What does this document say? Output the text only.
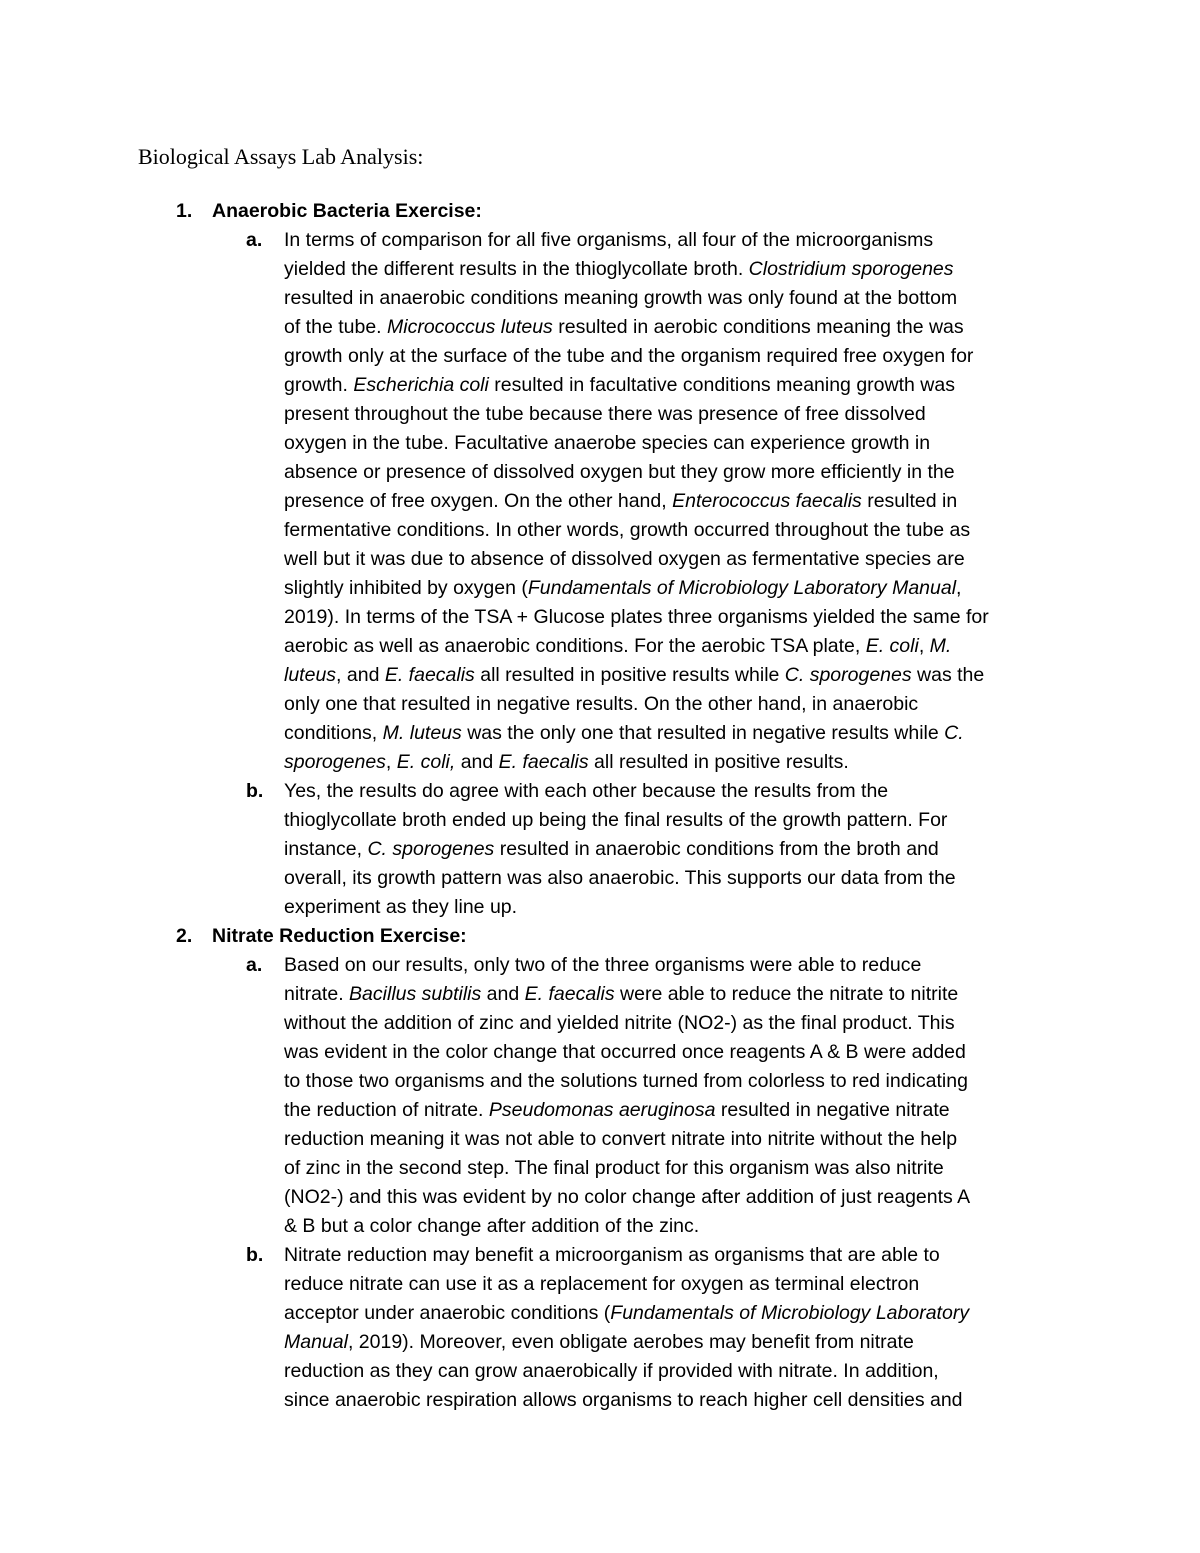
Biological Assays Lab Analysis:
1. Anaerobic Bacteria Exercise:
a. In terms of comparison for all five organisms, all four of the microorganisms
yielded the different results in the thioglycollate broth. Clostridium sporogenes
resulted in anaerobic conditions meaning growth was only found at the bottom
of the tube. Micrococcus luteus resulted in aerobic conditions meaning the was
growth only at the surface of the tube and the organism required free oxygen for
growth. Escherichia coli resulted in facultative conditions meaning growth was
present throughout the tube because there was presence of free dissolved
oxygen in the tube. Facultative anaerobe species can experience growth in
absence or presence of dissolved oxygen but they grow more efficiently in the
presence of free oxygen. On the other hand, Enterococcus faecalis resulted in
fermentative conditions. In other words, growth occurred throughout the tube as
well but it was due to absence of dissolved oxygen as fermentative species are
slightly inhibited by oxygen (Fundamentals of Microbiology Laboratory Manual,
2019). In terms of the TSA + Glucose plates three organisms yielded the same for
aerobic as well as anaerobic conditions. For the aerobic TSA plate, E. coli, M.
luteus, and E. faecalis all resulted in positive results while C. sporogenes was the
only one that resulted in negative results. On the other hand, in anaerobic
conditions, M. luteus was the only one that resulted in negative results while C.
sporogenes, E. coli, and E. faecalis all resulted in positive results.
b. Yes, the results do agree with each other because the results from the
thioglycollate broth ended up being the final results of the growth pattern. For
instance, C. sporogenes resulted in anaerobic conditions from the broth and
overall, its growth pattern was also anaerobic. This supports our data from the
experiment as they line up.
2. Nitrate Reduction Exercise:
a. Based on our results, only two of the three organisms were able to reduce
nitrate. Bacillus subtilis and E. faecalis were able to reduce the nitrate to nitrite
without the addition of zinc and yielded nitrite (NO2-) as the final product. This
was evident in the color change that occurred once reagents A & B were added
to those two organisms and the solutions turned from colorless to red indicating
the reduction of nitrate. Pseudomonas aeruginosa resulted in negative nitrate
reduction meaning it was not able to convert nitrate into nitrite without the help
of zinc in the second step. The final product for this organism was also nitrite
(NO2-) and this was evident by no color change after addition of just reagents A
& B but a color change after addition of the zinc.
b. Nitrate reduction may benefit a microorganism as organisms that are able to
reduce nitrate can use it as a replacement for oxygen as terminal electron
acceptor under anaerobic conditions (Fundamentals of Microbiology Laboratory
Manual, 2019). Moreover, even obligate aerobes may benefit from nitrate
reduction as they can grow anaerobically if provided with nitrate. In addition,
since anaerobic respiration allows organisms to reach higher cell densities and
